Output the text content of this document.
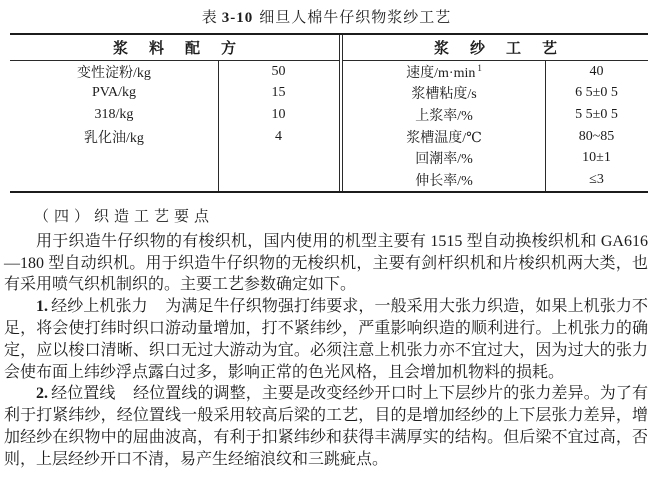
表 3-10 细旦人棉牛仔织物浆纱工艺
浆料配方
变性淀粉/kg	50
PVA/kg	15
318/kg	10
乳化油/kg	4
浆纱工艺
速度/m·min $^1$	40
浆槽粘度/s	6 5±0 5
上浆率/%	5 5±0 5
浆槽温度/℃	80~85
回潮率/%	10±1
伸长率/%	≤3
（四）织造工艺要点

用于织造牛仔织物的有梭织机，国内使用的机型主要有 1515 型自动换梭织机和 GA616—180 型自动织机。用于织造牛仔织物的无梭织机，主要有剑杆织机和片梭织机两大类，也有采用喷气织机制织的。主要工艺参数确定如下。

1. 经纱上机张力 为满足牛仔织物强打纬要求，一般采用大张力织造，如果上机张力不足，将会使打纬时织口游动量增加，打不紧纬纱，严重影响织造的顺利进行。上机张力的确定，应以梭口清晰、织口无过大游动为宜。必须注意上机张力亦不宜过大，因为过大的张力会使布面上纬纱浮点露白过多，影响正常的色光风格，且会增加机物料的损耗。

2. 经位置线 经位置线的调整，主要是改变经纱开口时上下层纱片的张力差异。为了有利于打紧纬纱，经位置线一般采用较高后梁的工艺，目的是增加经纱的上下层张力差异，增加经纱在织物中的屈曲波高，有利于扣紧纬纱和获得丰满厚实的结构。但后梁不宜过高，否则，上层经纱开口不清，易产生经缩浪纹和三跳疵点。
